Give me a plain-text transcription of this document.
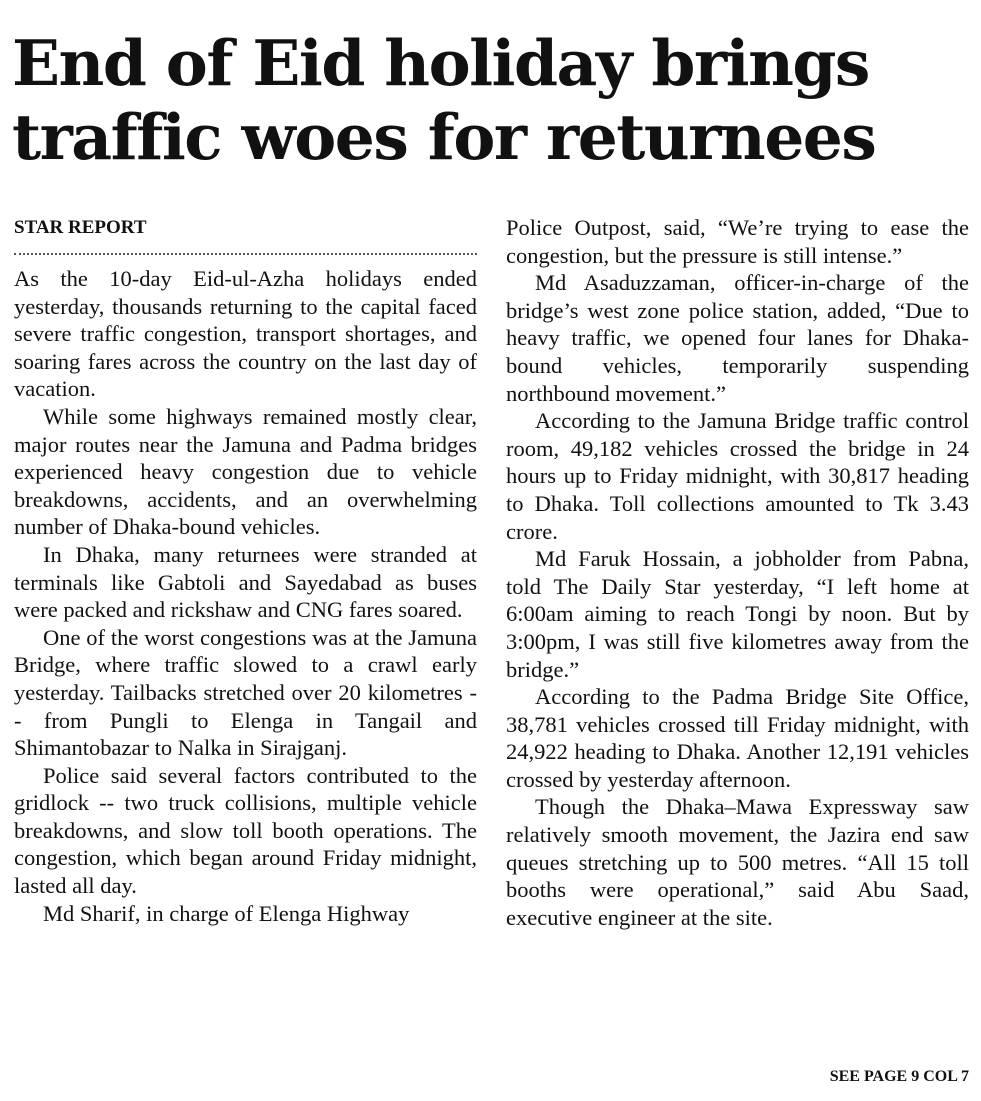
End of Eid holiday brings
traffic woes for returnees
STAR REPORT

As the 10-day Eid-ul-Azha holidays ended yesterday, thousands returning to the capital faced severe traffic congestion, transport shortages, and soaring fares across the country on the last day of vacation.

While some highways remained mostly clear, major routes near the Jamuna and Padma bridges experienced heavy congestion due to vehicle breakdowns, accidents, and an overwhelming number of Dhaka-bound vehicles.

In Dhaka, many returnees were stranded at terminals like Gabtoli and Sayedabad as buses were packed and rickshaw and CNG fares soared.

One of the worst congestions was at the Jamuna Bridge, where traffic slowed to a crawl early yesterday. Tailbacks stretched over 20 kilometres -- from Pungli to Elenga in Tangail and Shimantobazar to Nalka in Sirajganj.

Police said several factors contributed to the gridlock -- two truck collisions, multiple vehicle breakdowns, and slow toll booth operations. The congestion, which began around Friday midnight, lasted all day.

Md Sharif, in charge of Elenga Highway

Police Outpost, said, “We’re trying to ease the congestion, but the pressure is still intense.”

Md Asaduzzaman, officer-in-charge of the bridge’s west zone police station, added, “Due to heavy traffic, we opened four lanes for Dhaka-bound vehicles, temporarily suspending northbound movement.”

According to the Jamuna Bridge traffic control room, 49,182 vehicles crossed the bridge in 24 hours up to Friday midnight, with 30,817 heading to Dhaka. Toll collections amounted to Tk 3.43 crore.

Md Faruk Hossain, a jobholder from Pabna, told The Daily Star yesterday, “I left home at 6:00am aiming to reach Tongi by noon. But by 3:00pm, I was still five kilometres away from the bridge.”

According to the Padma Bridge Site Office, 38,781 vehicles crossed till Friday midnight, with 24,922 heading to Dhaka. Another 12,191 vehicles crossed by yesterday afternoon.

Though the Dhaka–Mawa Expressway saw relatively smooth movement, the Jazira end saw queues stretching up to 500 metres. “All 15 toll booths were operational,” said Abu Saad, executive engineer at the site.

SEE PAGE 9 COL 7
